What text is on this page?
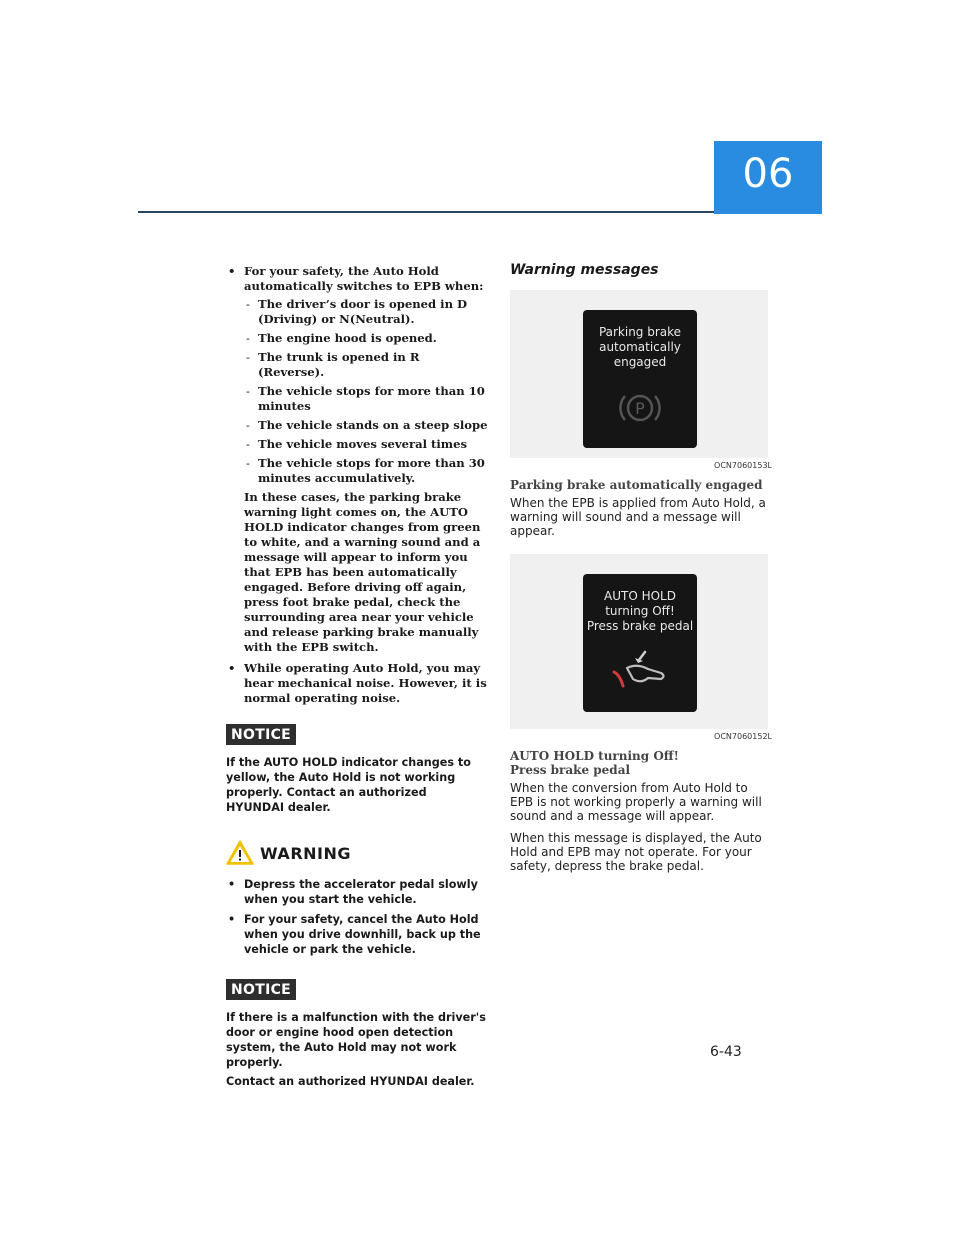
06
• For your safety, the Auto Hold automatically switches to EPB when:
- The driver’s door is opened in D (Driving) or N(Neutral).
- The engine hood is opened.
- The trunk is opened in R (Reverse).
- The vehicle stops for more than 10 minutes
- The vehicle stands on a steep slope
- The vehicle moves several times
- The vehicle stops for more than 30 minutes accumulatively.

In these cases, the parking brake warning light comes on, the AUTO HOLD indicator changes from green to white, and a warning sound and a message will appear to inform you that EPB has been automatically engaged. Before driving off again, press foot brake pedal, check the surrounding area near your vehicle and release parking brake manually with the EPB switch.

• While operating Auto Hold, you may hear mechanical noise. However, it is normal operating noise.
NOTICE

If the AUTO HOLD indicator changes to yellow, the Auto Hold is not working properly. Contact an authorized HYUNDAI dealer.

WARNING
• Depress the accelerator pedal slowly when you start the vehicle.
• For your safety, cancel the Auto Hold when you drive downhill, back up the vehicle or park the vehicle.
NOTICE

If there is a malfunction with the driver's door or engine hood open detection system, the Auto Hold may not work properly.

Contact an authorized HYUNDAI dealer.

Warning messages

Parking brake
automatically
engaged
P
OCN7060153L
Parking brake automatically engaged

When the EPB is applied from Auto Hold, a warning will sound and a message will appear.

AUTO HOLD
turning Off!
Press brake pedal
OCN7060152L
AUTO HOLD turning Off!
Press brake pedal

When the conversion from Auto Hold to EPB is not working properly a warning will sound and a message will appear.

When this message is displayed, the Auto Hold and EPB may not operate. For your safety, depress the brake pedal.

6-43
